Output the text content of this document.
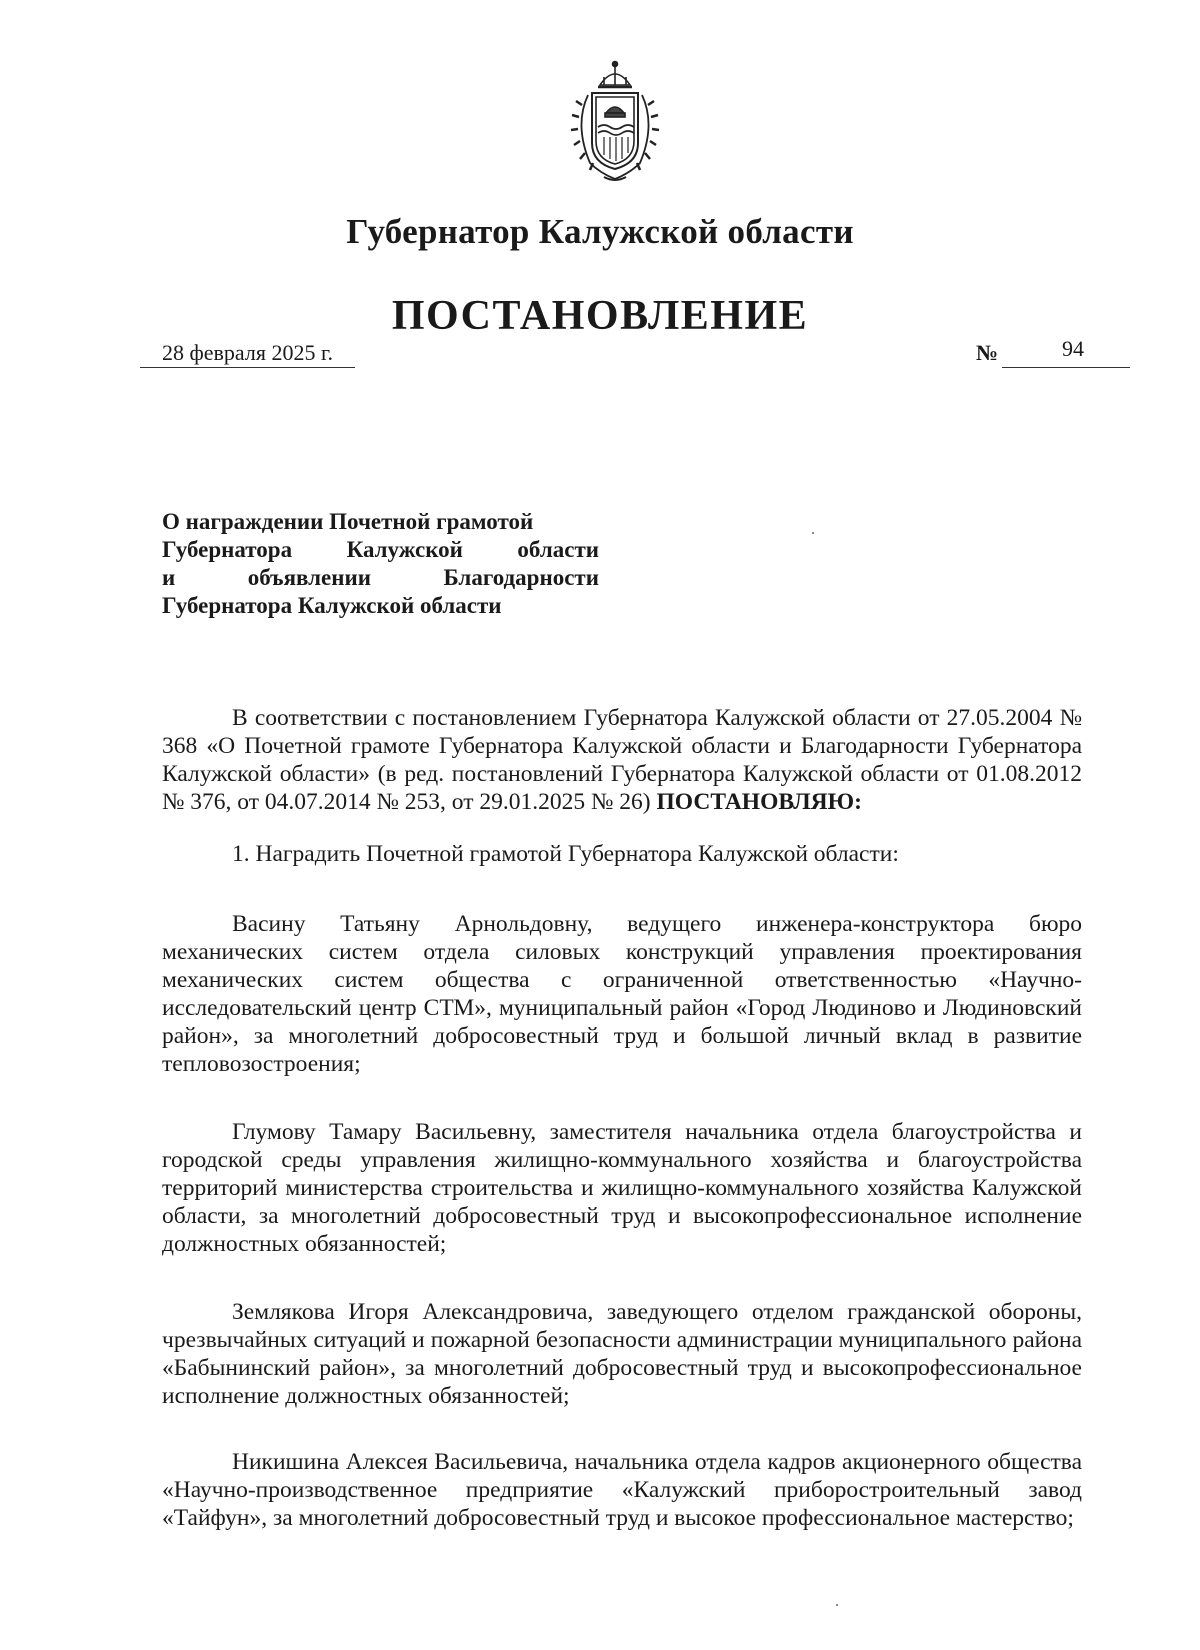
Губернатор Калужской области
ПОСТАНОВЛЕНИЕ
28 февраля 2025 г.	№	94
О награждении Почетной грамотой
Губернатора Калужской области
и объявлении Благодарности
Губернатора Калужской области

В соответствии с постановлением Губернатора Калужской области от 27.05.2004 № 368 «О Почетной грамоте Губернатора Калужской области и Благодарности Губернатора Калужской области» (в ред. постановлений Губернатора Калужской области от 01.08.2012 № 376, от 04.07.2014 № 253, от 29.01.2025 № 26) ПОСТАНОВЛЯЮ:

1. Наградить Почетной грамотой Губернатора Калужской области:

Васину Татьяну Арнольдовну, ведущего инженера-конструктора бюро механических систем отдела силовых конструкций управления проектирования механических систем общества с ограниченной ответственностью «Научно-исследовательский центр СТМ», муниципальный район «Город Людиново и Людиновский район», за многолетний добросовестный труд и большой личный вклад в развитие тепловозостроения;

Глумову Тамару Васильевну, заместителя начальника отдела благоустройства и городской среды управления жилищно-коммунального хозяйства и благоустройства территорий министерства строительства и жилищно-коммунального хозяйства Калужской области, за многолетний добросовестный труд и высокопрофессиональное исполнение должностных обязанностей;

Землякова Игоря Александровича, заведующего отделом гражданской обороны, чрезвычайных ситуаций и пожарной безопасности администрации муниципального района «Бабынинский район», за многолетний добросовестный труд и высокопрофессиональное исполнение должностных обязанностей;

Никишина Алексея Васильевича, начальника отдела кадров акционерного общества «Научно-производственное предприятие «Калужский приборостроительный завод «Тайфун», за многолетний добросовестный труд и высокое профессиональное мастерство;
